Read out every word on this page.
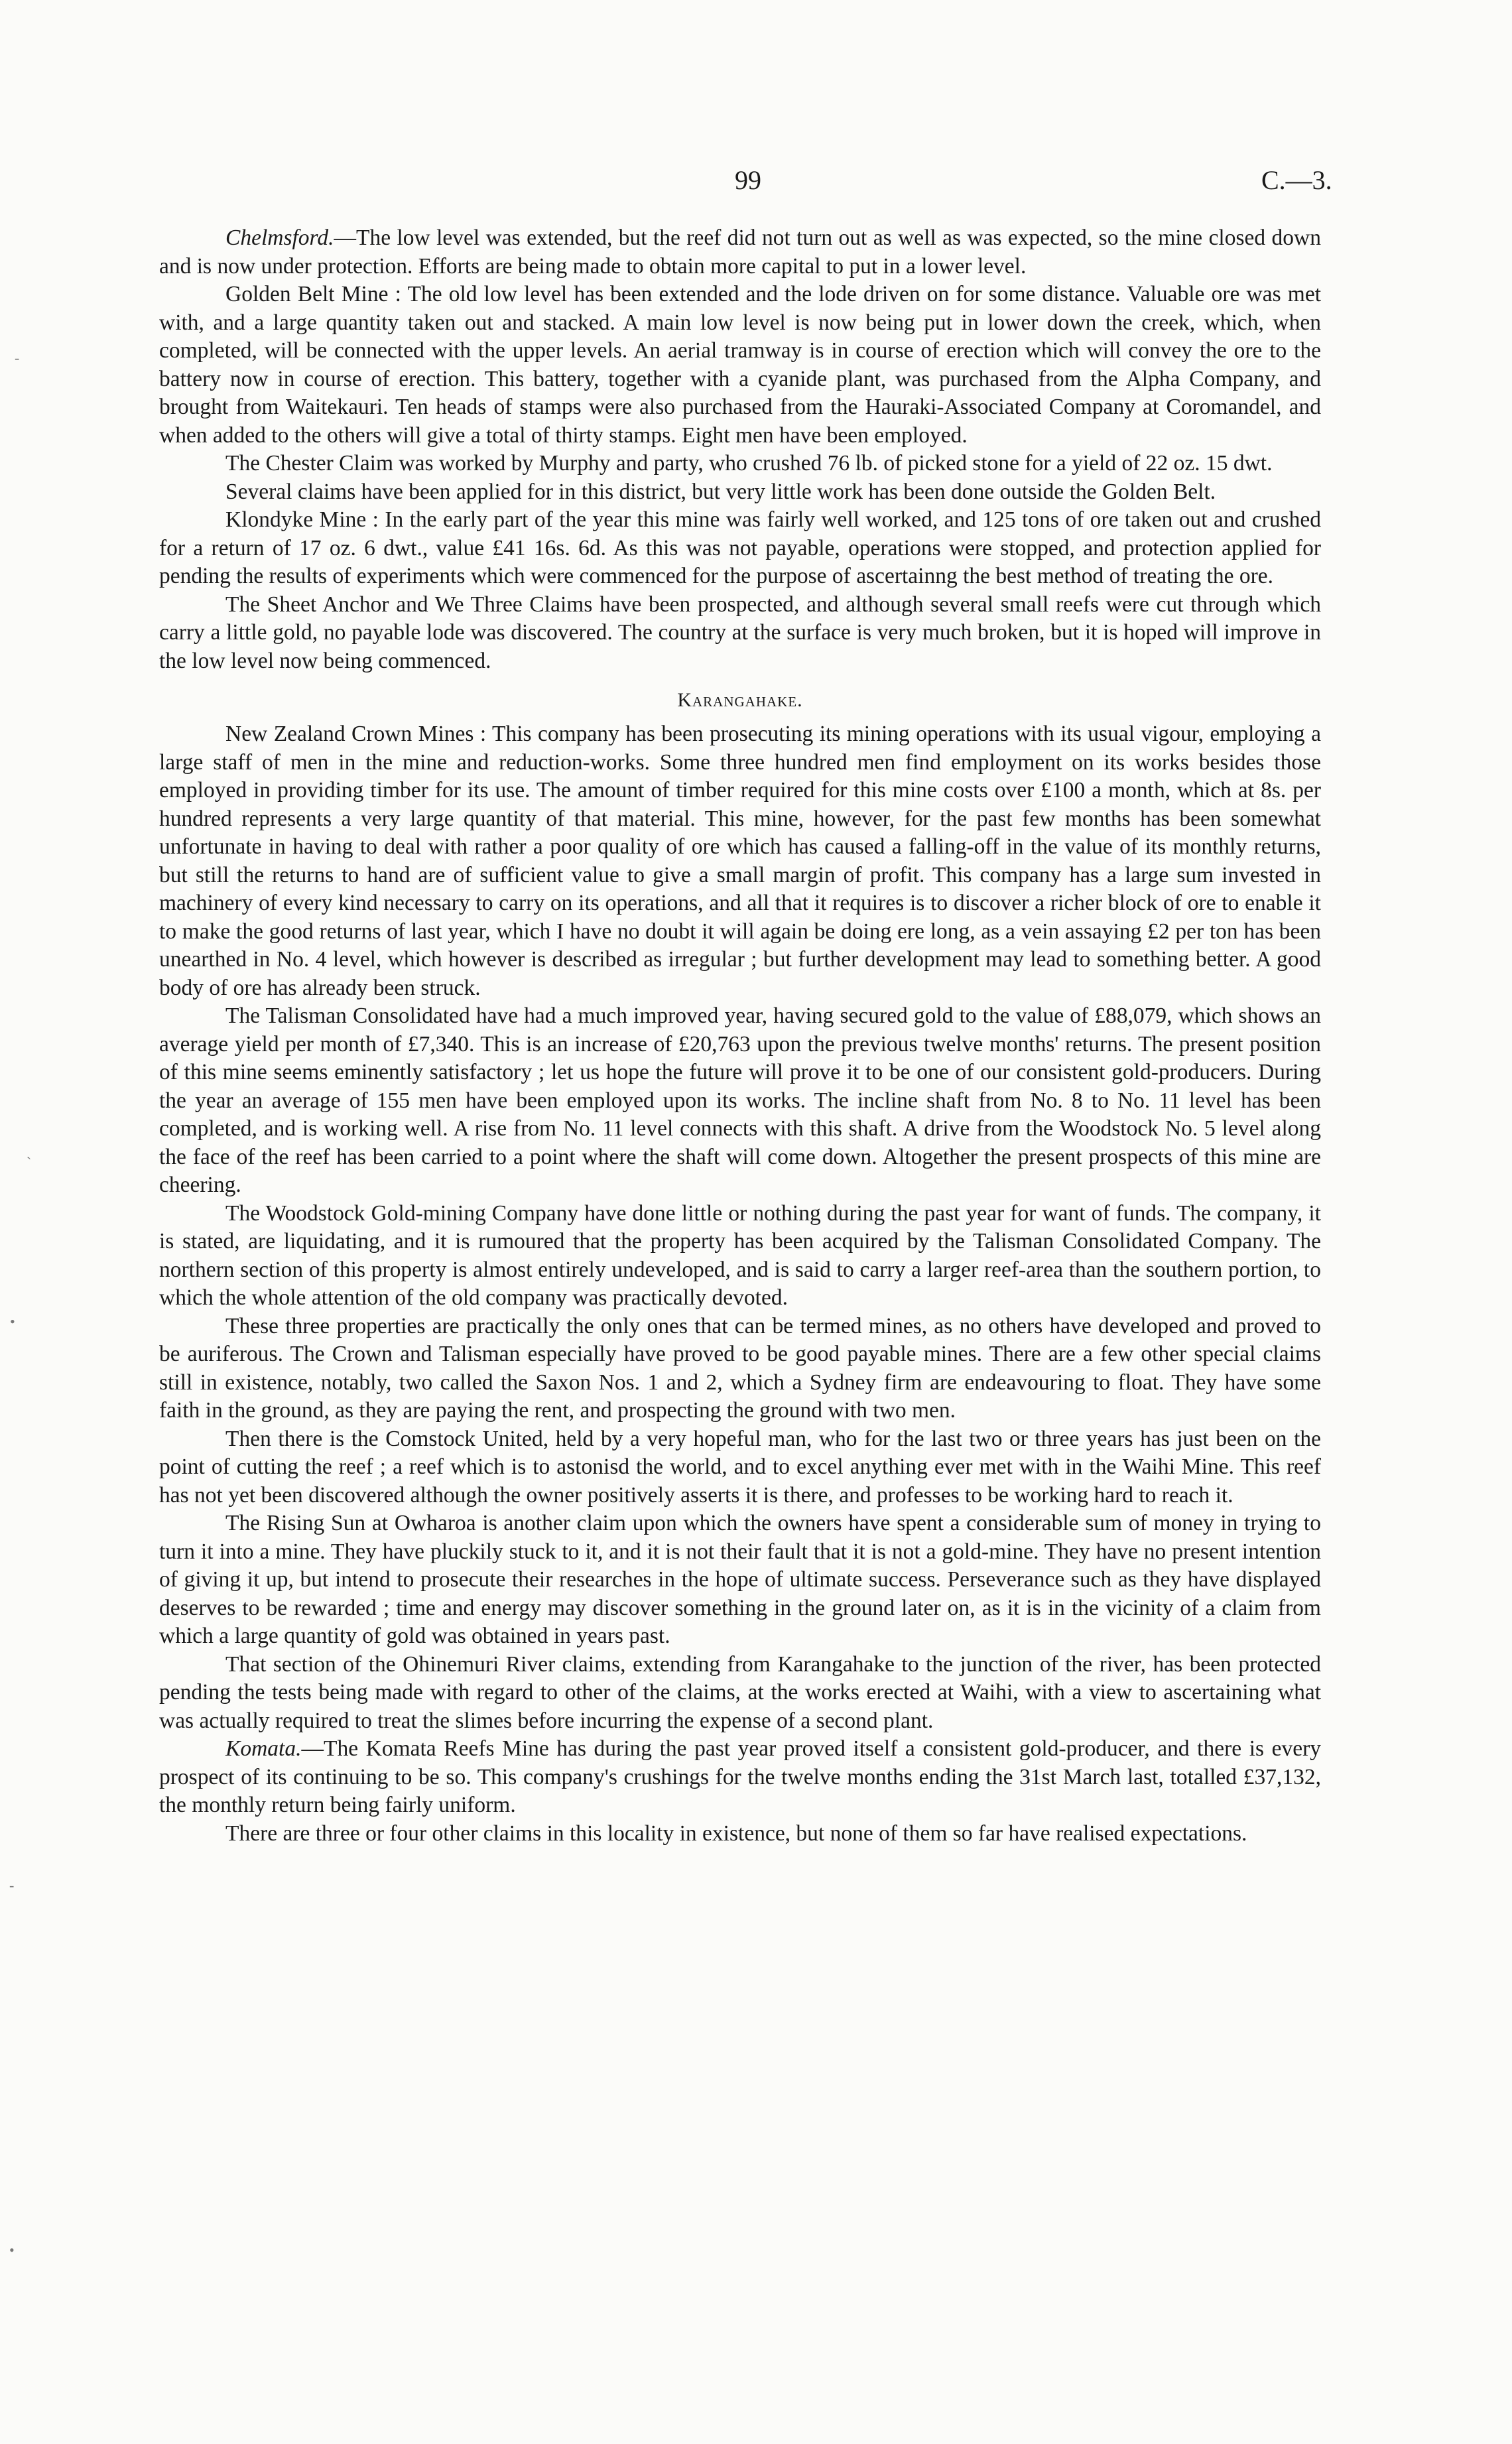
99	C.—3.

Chelmsford.—The low level was extended, but the reef did not turn out as well as was expected, so the mine closed down and is now under protection. Efforts are being made to obtain more capital to put in a lower level.

Golden Belt Mine : The old low level has been extended and the lode driven on for some distance. Valuable ore was met with, and a large quantity taken out and stacked. A main low level is now being put in lower down the creek, which, when completed, will be connected with the upper levels. An aerial tramway is in course of erection which will convey the ore to the battery now in course of erection. This battery, together with a cyanide plant, was purchased from the Alpha Company, and brought from Waitekauri. Ten heads of stamps were also purchased from the Hauraki-Associated Company at Coromandel, and when added to the others will give a total of thirty stamps. Eight men have been employed.

The Chester Claim was worked by Murphy and party, who crushed 76 lb. of picked stone for a yield of 22 oz. 15 dwt.

Several claims have been applied for in this district, but very little work has been done outside the Golden Belt.

Klondyke Mine : In the early part of the year this mine was fairly well worked, and 125 tons of ore taken out and crushed for a return of 17 oz. 6 dwt., value £41 16s. 6d. As this was not payable, operations were stopped, and protection applied for pending the results of experiments which were commenced for the purpose of ascertainng the best method of treating the ore.

The Sheet Anchor and We Three Claims have been prospected, and although several small reefs were cut through which carry a little gold, no payable lode was discovered. The country at the surface is very much broken, but it is hoped will improve in the low level now being commenced.

Karangahake.

New Zealand Crown Mines : This company has been prosecuting its mining operations with its usual vigour, employing a large staff of men in the mine and reduction-works. Some three hundred men find employment on its works besides those employed in providing timber for its use. The amount of timber required for this mine costs over £100 a month, which at 8s. per hundred represents a very large quantity of that material. This mine, however, for the past few months has been somewhat unfortunate in having to deal with rather a poor quality of ore which has caused a falling-off in the value of its monthly returns, but still the returns to hand are of sufficient value to give a small margin of profit. This company has a large sum invested in machinery of every kind necessary to carry on its operations, and all that it requires is to discover a richer block of ore to enable it to make the good returns of last year, which I have no doubt it will again be doing ere long, as a vein assaying £2 per ton has been unearthed in No. 4 level, which however is described as irregular ; but further development may lead to something better. A good body of ore has already been struck.

The Talisman Consolidated have had a much improved year, having secured gold to the value of £88,079, which shows an average yield per month of £7,340. This is an increase of £20,763 upon the previous twelve months' returns. The present position of this mine seems eminently satisfactory ; let us hope the future will prove it to be one of our consistent gold-producers. During the year an average of 155 men have been employed upon its works. The incline shaft from No. 8 to No. 11 level has been completed, and is working well. A rise from No. 11 level connects with this shaft. A drive from the Woodstock No. 5 level along the face of the reef has been carried to a point where the shaft will come down. Altogether the present prospects of this mine are cheering.

The Woodstock Gold-mining Company have done little or nothing during the past year for want of funds. The company, it is stated, are liquidating, and it is rumoured that the property has been acquired by the Talisman Consolidated Company. The northern section of this property is almost entirely undeveloped, and is said to carry a larger reef-area than the southern portion, to which the whole attention of the old company was practically devoted.

These three properties are practically the only ones that can be termed mines, as no others have developed and proved to be auriferous. The Crown and Talisman especially have proved to be good payable mines. There are a few other special claims still in existence, notably, two called the Saxon Nos. 1 and 2, which a Sydney firm are endeavouring to float. They have some faith in the ground, as they are paying the rent, and prospecting the ground with two men.

Then there is the Comstock United, held by a very hopeful man, who for the last two or three years has just been on the point of cutting the reef ; a reef which is to astonisd the world, and to excel anything ever met with in the Waihi Mine. This reef has not yet been discovered although the owner positively asserts it is there, and professes to be working hard to reach it.

The Rising Sun at Owharoa is another claim upon which the owners have spent a considerable sum of money in trying to turn it into a mine. They have pluckily stuck to it, and it is not their fault that it is not a gold-mine. They have no present intention of giving it up, but intend to prosecute their researches in the hope of ultimate success. Perseverance such as they have displayed deserves to be rewarded ; time and energy may discover something in the ground later on, as it is in the vicinity of a claim from which a large quantity of gold was obtained in years past.

That section of the Ohinemuri River claims, extending from Karangahake to the junction of the river, has been protected pending the tests being made with regard to other of the claims, at the works erected at Waihi, with a view to ascertaining what was actually required to treat the slimes before incurring the expense of a second plant.

Komata.—The Komata Reefs Mine has during the past year proved itself a consistent gold-producer, and there is every prospect of its continuing to be so. This company's crushings for the twelve months ending the 31st March last, totalled £37,132, the monthly return being fairly uniform.

There are three or four other claims in this locality in existence, but none of them so far have realised expectations.

-
`
•
-
•
